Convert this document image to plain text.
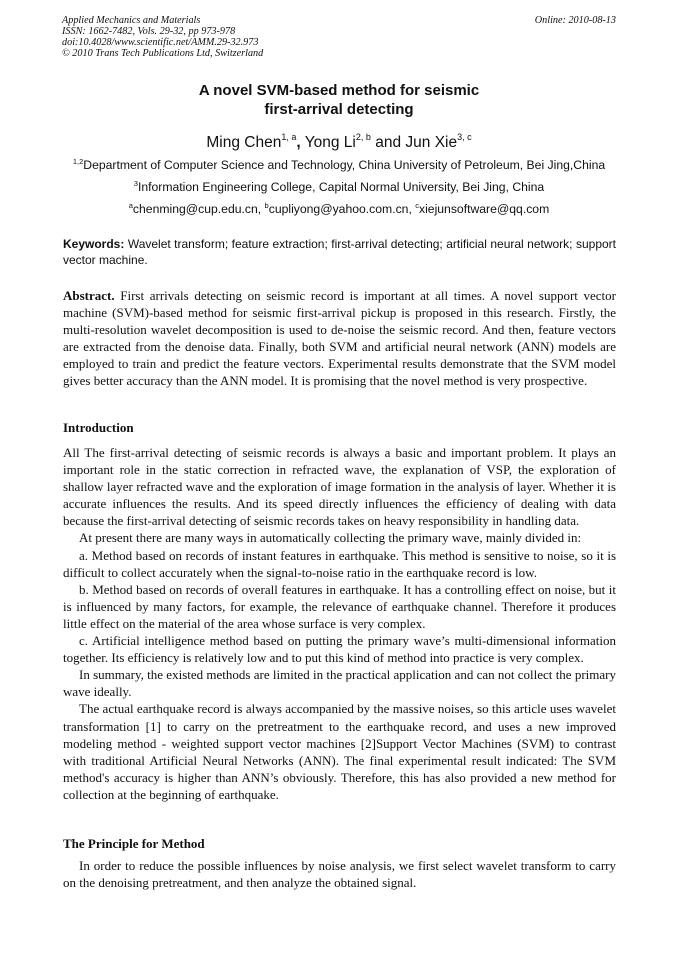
Applied Mechanics and Materials
ISSN: 1662-7482, Vols. 29-32, pp 973-978
doi:10.4028/www.scientific.net/AMM.29-32.973
© 2010 Trans Tech Publications Ltd, Switzerland
Online: 2010-08-13
A novel SVM-based method for seismic
first-arrival detecting
Ming Chen$^{1, a}$, Yong Li$^{2, b}$ and Jun Xie$^{3, c}$
$^{1,2}$Department of Computer Science and Technology, China University of Petroleum, Bei Jing,China
$^3$Information Engineering College, Capital Normal University, Bei Jing, China
$^a$chenming@cup.edu.cn, $^b$cupliyong@yahoo.com.cn, $^c$xiejunsoftware@qq.com
Keywords: Wavelet transform; feature extraction; first-arrival detecting; artificial neural network; support vector machine.

Abstract. First arrivals detecting on seismic record is important at all times. A novel support vector machine (SVM)-based method for seismic first-arrival pickup is proposed in this research. Firstly, the multi-resolution wavelet decomposition is used to de-noise the seismic record. And then, feature vectors are extracted from the denoise data. Finally, both SVM and artificial neural network (ANN) models are employed to train and predict the feature vectors. Experimental results demonstrate that the SVM model gives better accuracy than the ANN model. It is promising that the novel method is very prospective.

Introduction

All The first-arrival detecting of seismic records is always a basic and important problem. It plays an important role in the static correction in refracted wave, the explanation of VSP, the exploration of shallow layer refracted wave and the exploration of image formation in the analysis of layer. Whether it is accurate influences the results. And its speed directly influences the efficiency of dealing with data because the first-arrival detecting of seismic records takes on heavy responsibility in handling data.

At present there are many ways in automatically collecting the primary wave, mainly divided in:

a. Method based on records of instant features in earthquake. This method is sensitive to noise, so it is difficult to collect accurately when the signal-to-noise ratio in the earthquake record is low.

b. Method based on records of overall features in earthquake. It has a controlling effect on noise, but it is influenced by many factors, for example, the relevance of earthquake channel. Therefore it produces little effect on the material of the area whose surface is very complex.

c. Artificial intelligence method based on putting the primary wave’s multi-dimensional information together. Its efficiency is relatively low and to put this kind of method into practice is very complex.

In summary, the existed methods are limited in the practical application and can not collect the primary wave ideally.

The actual earthquake record is always accompanied by the massive noises, so this article uses wavelet transformation [1] to carry on the pretreatment to the earthquake record, and uses a new improved modeling method - weighted support vector machines [2]Support Vector Machines (SVM) to contrast with traditional Artificial Neural Networks (ANN). The final experimental result indicated: The SVM method's accuracy is higher than ANN’s obviously. Therefore, this has also provided a new method for collection at the beginning of earthquake.

The Principle for Method

In order to reduce the possible influences by noise analysis, we first select wavelet transform to carry on the denoising pretreatment, and then analyze the obtained signal.
